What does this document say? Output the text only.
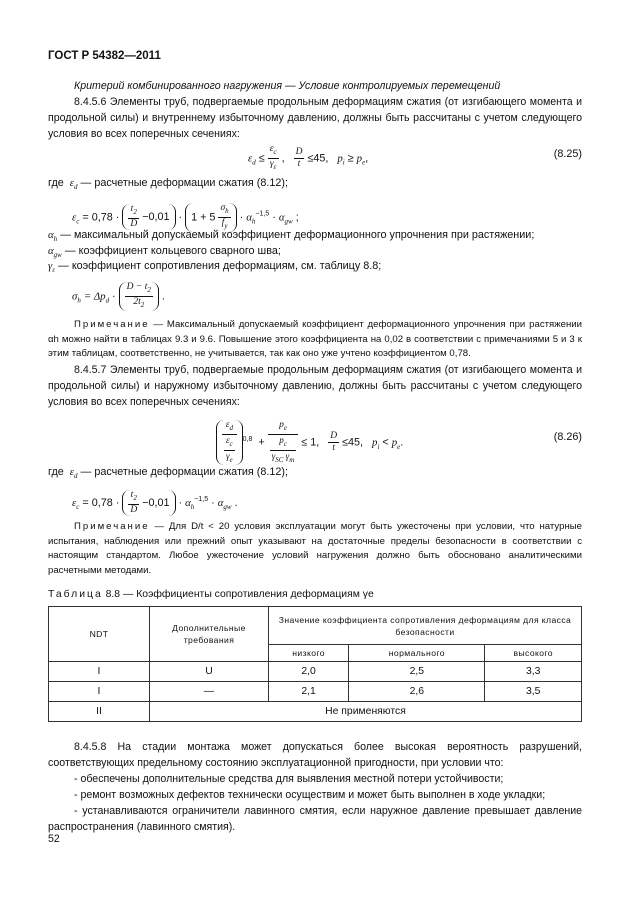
ГОСТ Р 54382—2011
Критерий комбинированного нагружения — Условие контролируемых перемещений
8.4.5.6 Элементы труб, подвергаемые продольным деформациям сжатия (от изгибающего момента и продольной силы) и внутреннему избыточному давлению, должны быть рассчитаны с учетом следующего условия во всех поперечных сечениях:
$\varepsilon_d \le \frac{\varepsilon_c}{\gamma_\varepsilon}$ , $\frac{D}{t} \le 45$, $p_i \ge p_e$,	(8.25)
где $\varepsilon_d$ — расчетные деформации сжатия (8.12);
$\varepsilon_c = 0,78 \cdot \frac{t_2}{D} -0,01 \cdot 1 + 5 \frac{\sigma_h}{f_y} \cdot \alpha_h^{-1,5} \cdot \alpha_{gw}$ ;
$\alpha_h$ — максимальный допускаемый коэффициент деформационного упрочнения при растяжении;
$\alpha_{gw}$ — коэффициент кольцевого сварного шва;
$\gamma_\varepsilon$ — коэффициент сопротивления деформациям, см. таблицу 8.8;
$\sigma_h = \Delta p_d \cdot \frac{D - t_2}{2t_2}$ .
Примечание — Максимальный допускаемый коэффициент деформационного упрочнения при растяжении αh можно найти в таблицах 9.3 и 9.6. Повышение этого коэффициента на 0,02 в соответствии с примечаниями 5 и 3 к этим таблицам, соответственно, не учитывается, так как оно уже учтено коэффициентом 0,78.
8.4.5.7 Элементы труб, подвергаемые продольным деформациям сжатия (от изгибающего момента и продольной силы) и наружному избыточному давлению, должны быть рассчитаны с учетом следующего условия во всех поперечных сечениях:
$\frac{\varepsilon_d}{\frac{\varepsilon_c}{\gamma_e}} ^{0,8} + \frac{p_e}{\frac{p_c}{\gamma_{SC} \gamma_m}} \le 1$, $\frac{D}{t} \le 45$, $p_i < p_e$.	(8.26)
где $\varepsilon_d$ — расчетные деформации сжатия (8.12);
$\varepsilon_c = 0,78 \cdot \frac{t_2}{D} -0,01 \cdot \alpha_h^{-1,5} \cdot \alpha_{gw}$ .
Примечание — Для D/t < 20 условия эксплуатации могут быть ужесточены при условии, что натурные испытания, наблюдения или прежний опыт указывают на достаточные пределы безопасности в соответствии с настоящим стандартом. Любое ужесточение условий нагружения должно быть обосновано аналитическими расчетными методами.
Таблица 8.8 — Коэффициенты сопротивления деформациям γe
NDT	Дополнительные требования	Значение коэффициента сопротивления деформациям для класса безопасности		
		низкого	нормального	высокого
I	U	2,0	2,5	3,3
I	—	2,1	2,6	3,5
II	Не применяются			
8.4.5.8 На стадии монтажа может допускаться более высокая вероятность разрушений, соответствующих предельному состоянию эксплуатационной пригодности, при условии что:
- обеспечены дополнительные средства для выявления местной потери устойчивости;
- ремонт возможных дефектов технически осуществим и может быть выполнен в ходе укладки;
- устанавливаются ограничители лавинного смятия, если наружное давление превышает давление распространения (лавинного смятия).
52
